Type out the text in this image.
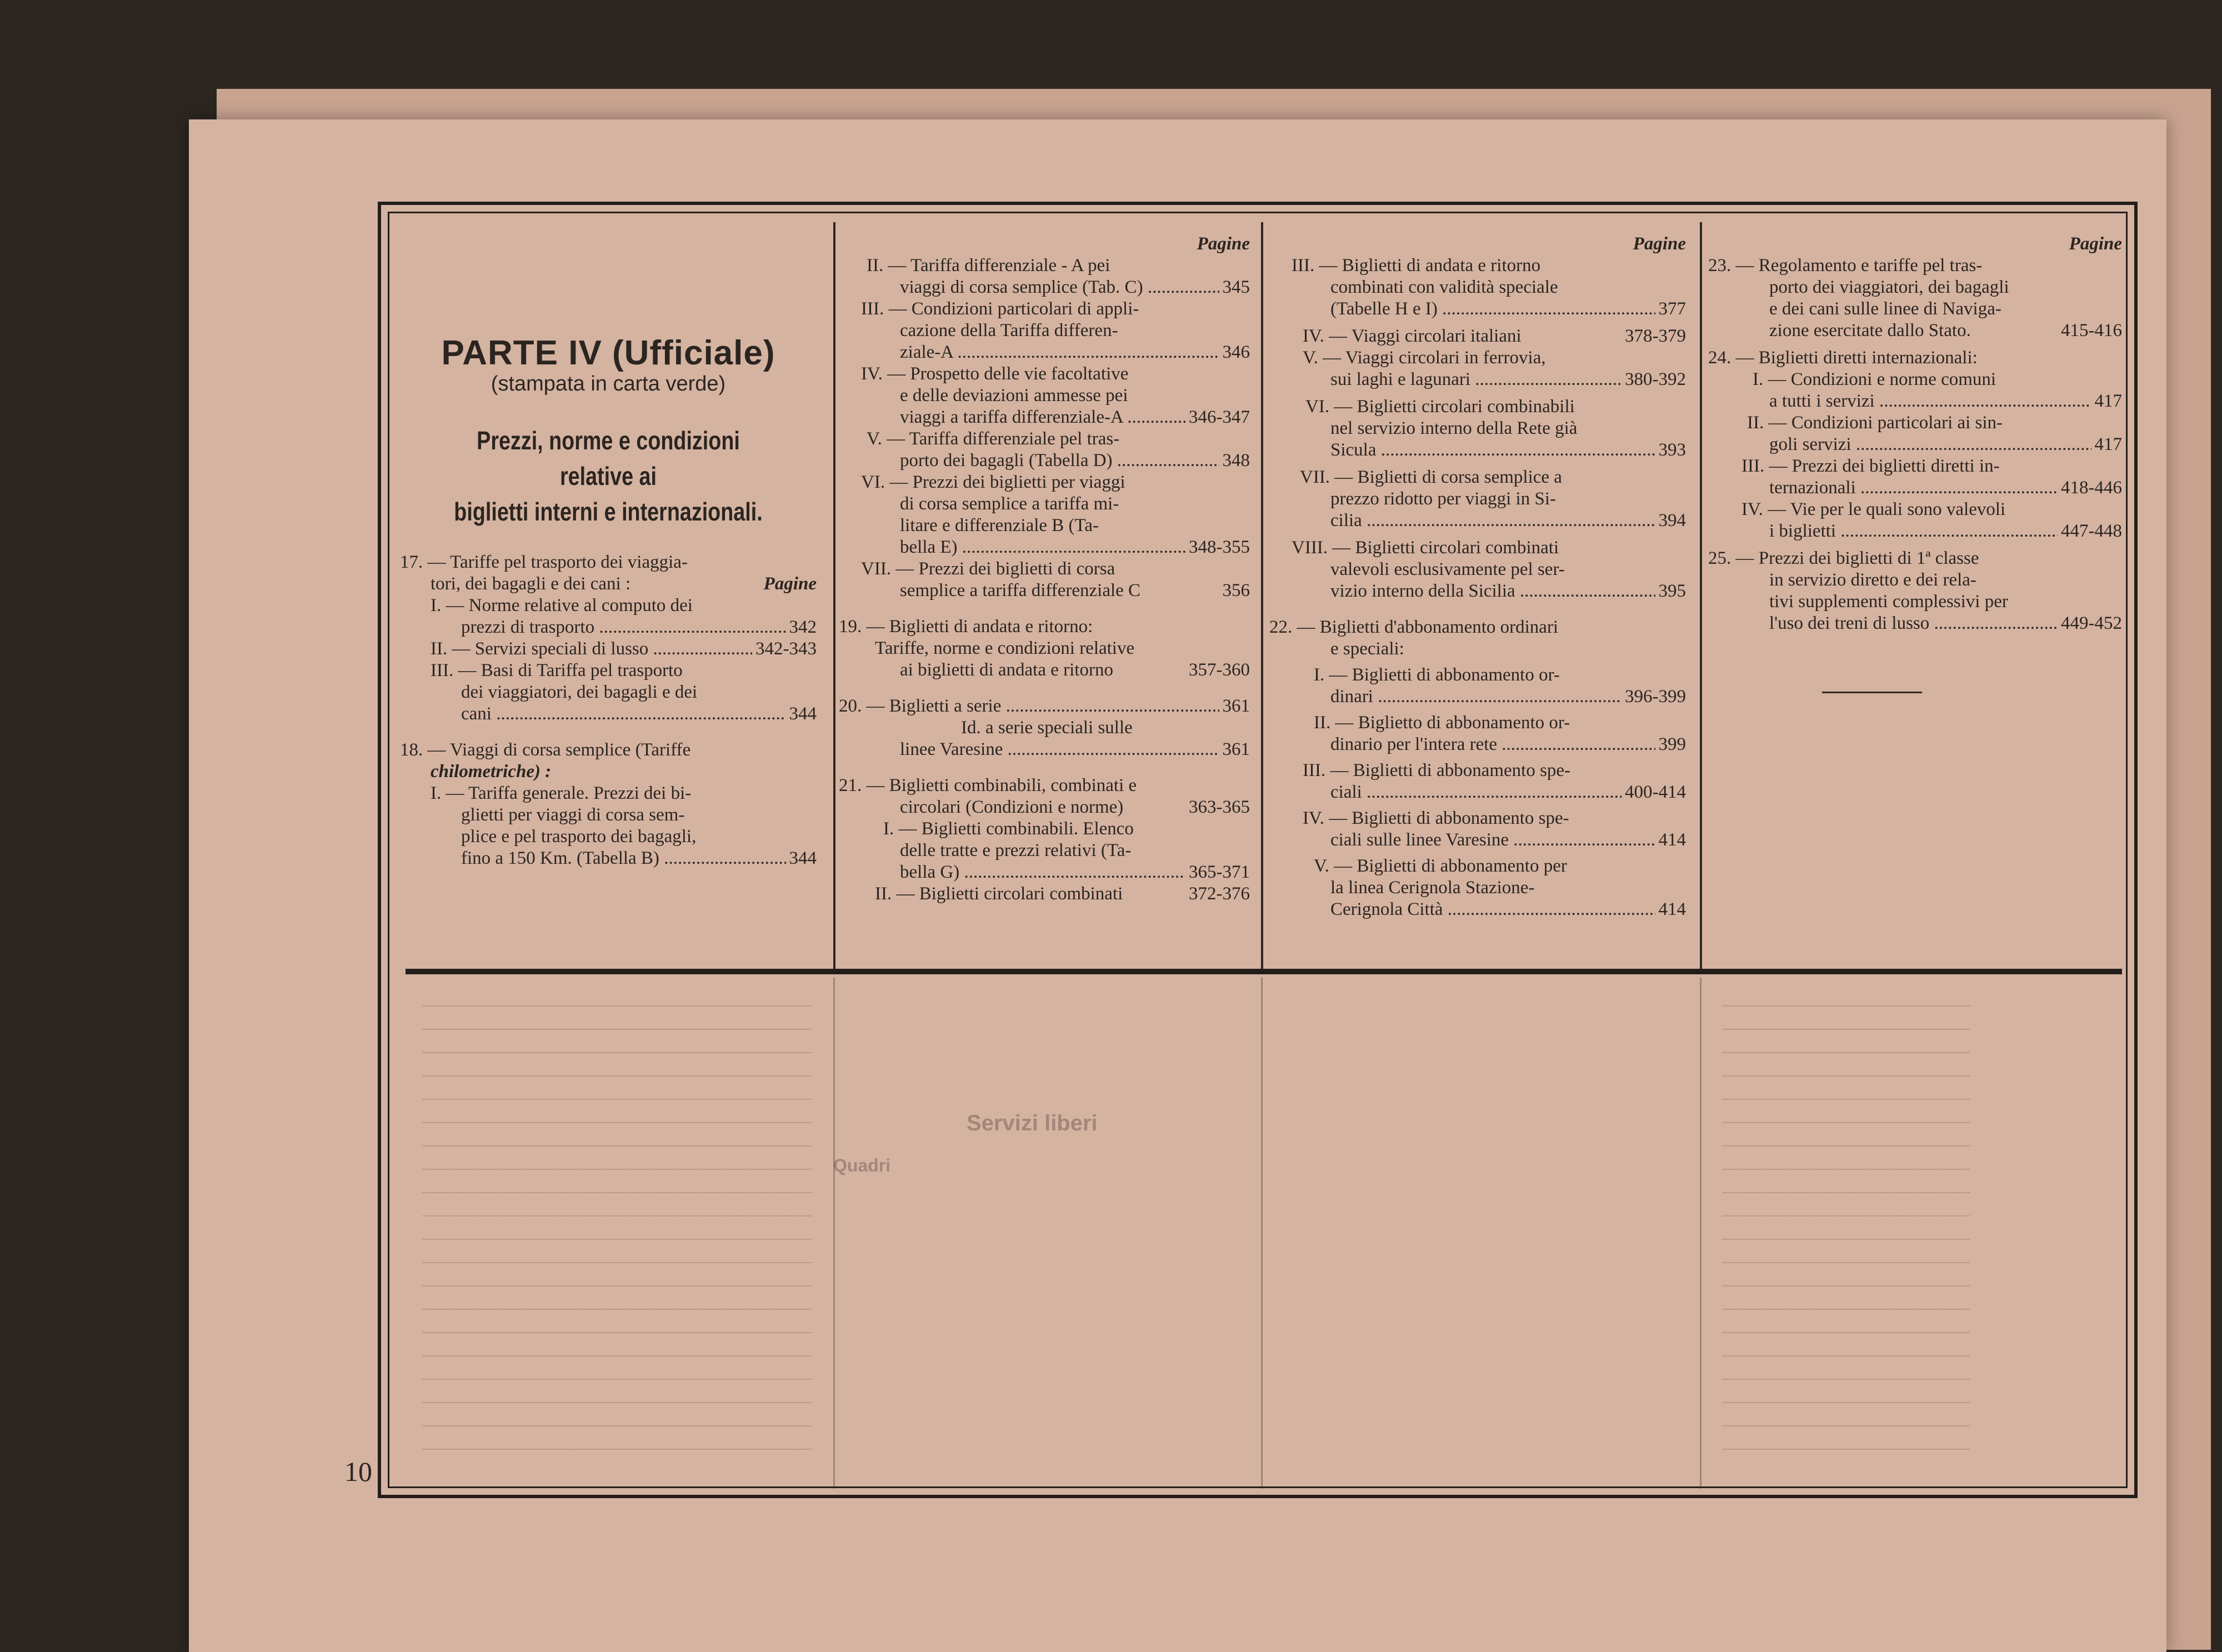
Servizi liberi
Quadri
─────────────────────────────────
─────────────────────────────────
─────────────────────────────────
─────────────────────────────────
─────────────────────────────────
─────────────────────────────────
─────────────────────────────────
─────────────────────────────────
─────────────────────────────────
─────────────────────────────────
─────────────────────────────────
─────────────────────────────────
─────────────────────────────────
─────────────────────────────────
─────────────────────────────────
─────────────────────────────────
─────────────────────────────────
─────────────────────────────────
─────────────────────────────────
─────────────────────────────────
─────────────────────
─────────────────────
─────────────────────
─────────────────────
─────────────────────
─────────────────────
─────────────────────
─────────────────────
─────────────────────
─────────────────────
─────────────────────
─────────────────────
─────────────────────
─────────────────────
─────────────────────
─────────────────────
─────────────────────
─────────────────────
─────────────────────
─────────────────────
10

PARTE IV (Ufficiale)

(stampata in carta verde)

Prezzi, norme e condizioni relative ai

biglietti interni e internazionali.

17. — Tariffe pel trasporto dei viaggia-

tori, dei bagagli e dei cani :	Pagine

I. — Norme relative al computo dei

prezzi di trasporto .....	342
II. — Servizi speciali di lusso .....	342-343

III. — Basi di Tariffa pel trasporto

dei viaggiatori, dei bagagli e dei

cani .....	344

18. — Viaggi di corsa semplice (Tariffe

chilometriche) :

I. — Tariffa generale. Prezzi dei bi-

glietti per viaggi di corsa sem-

plice e pel trasporto dei bagagli,

fino a 150 Km. (Tabella B) .....	344

Pagine

II. — Tariffa differenziale - A pei

viaggi di corsa semplice (Tab. C) .....	345

III. — Condizioni particolari di appli-

cazione della Tariffa differen-

ziale-A .....	346

IV. — Prospetto delle vie facoltative

e delle deviazioni ammesse pei

viaggi a tariffa differenziale-A .....	346-347

V. — Tariffa differenziale pel tras-

porto dei bagagli (Tabella D) .....	348

VI. — Prezzi dei biglietti per viaggi

di corsa semplice a tariffa mi-

litare e differenziale B (Ta-

bella E) .....	348-355

VII. — Prezzi dei biglietti di corsa

semplice a tariffa differenziale C	356

19. — Biglietti di andata e ritorno:

Tariffe, norme e condizioni relative

ai biglietti di andata e ritorno	357-360
20. — Biglietti a serie .....	361

Id. a serie speciali sulle

linee Varesine .....	361

21. — Biglietti combinabili, combinati e

circolari (Condizioni e norme)	363-365

I. — Biglietti combinabili. Elenco

delle tratte e prezzi relativi (Ta-

bella G) .....	365-371
II. — Biglietti circolari combinati	372-376

Pagine

III. — Biglietti di andata e ritorno

combinati con validità speciale

(Tabelle H e I) .....	377
IV. — Viaggi circolari italiani	378-379

V. — Viaggi circolari in ferrovia,

sui laghi e lagunari .....	380-392

VI. — Biglietti circolari combinabili

nel servizio interno della Rete già

Sicula .....	393

VII. — Biglietti di corsa semplice a

prezzo ridotto per viaggi in Si-

cilia .....	394

VIII. — Biglietti circolari combinati

valevoli esclusivamente pel ser-

vizio interno della Sicilia .....	395

22. — Biglietti d'abbonamento ordinari

e speciali:

I. — Biglietti di abbonamento or-

dinari .....	396-399

II. — Biglietto di abbonamento or-

dinario per l'intera rete .....	399

III. — Biglietti di abbonamento spe-

ciali .....	400-414

IV. — Biglietti di abbonamento spe-

ciali sulle linee Varesine .....	414

V. — Biglietti di abbonamento per

la linea Cerignola Stazione-

Cerignola Città .....	414

Pagine

23. — Regolamento e tariffe pel tras-

porto dei viaggiatori, dei bagagli

e dei cani sulle linee di Naviga-

zione esercitate dallo Stato.	415-416

24. — Biglietti diretti internazionali:

I. — Condizioni e norme comuni

a tutti i servizi .....	417

II. — Condizioni particolari ai sin-

goli servizi .....	417

III. — Prezzi dei biglietti diretti in-

ternazionali .....	418-446

IV. — Vie per le quali sono valevoli

i biglietti .....	447-448

25. — Prezzi dei biglietti di 1ª classe

in servizio diretto e dei rela-

tivi supplementi complessivi per

l'uso dei treni di lusso .....	449-452
